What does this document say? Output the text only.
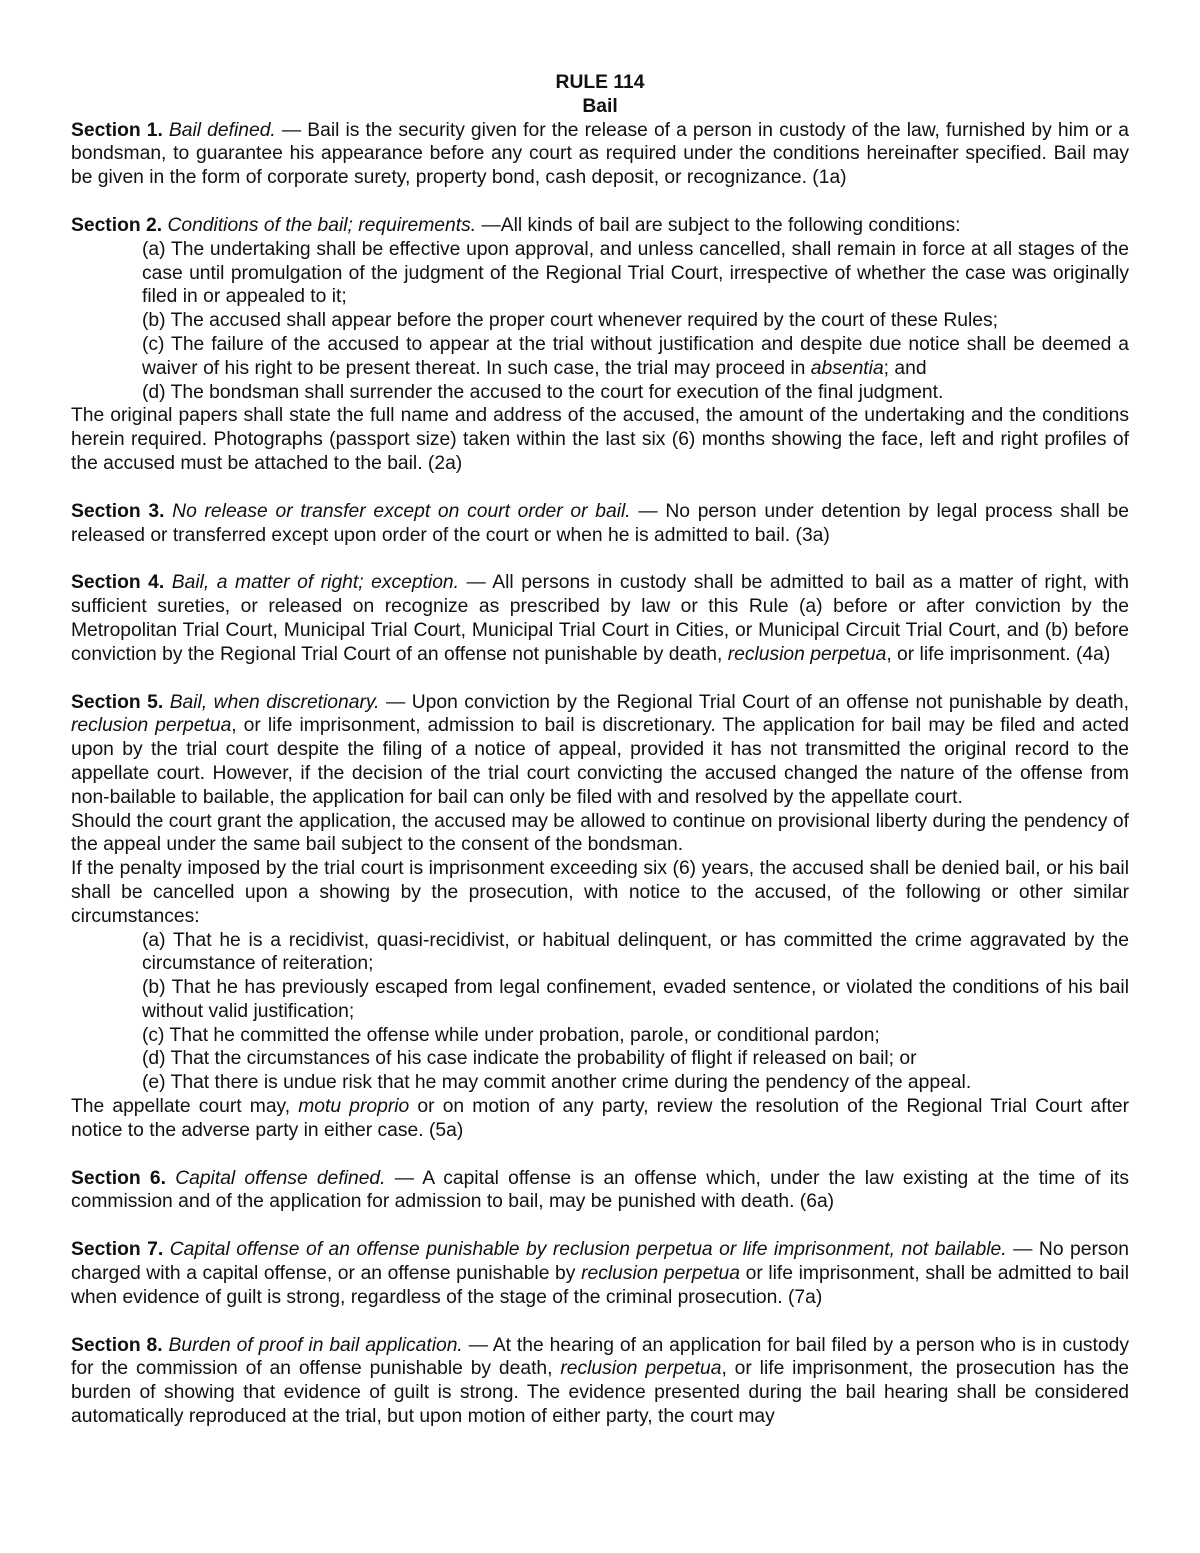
RULE 114
Bail

Section 1. Bail defined. — Bail is the security given for the release of a person in custody of the law, furnished by him or a bondsman, to guarantee his appearance before any court as required under the conditions hereinafter specified. Bail may be given in the form of corporate surety, property bond, cash deposit, or recognizance. (1a)

Section 2. Conditions of the bail; requirements. —All kinds of bail are subject to the following conditions:

(a) The undertaking shall be effective upon approval, and unless cancelled, shall remain in force at all stages of the case until promulgation of the judgment of the Regional Trial Court, irrespective of whether the case was originally filed in or appealed to it;

(b) The accused shall appear before the proper court whenever required by the court of these Rules;

(c) The failure of the accused to appear at the trial without justification and despite due notice shall be deemed a waiver of his right to be present thereat. In such case, the trial may proceed in absentia; and

(d) The bondsman shall surrender the accused to the court for execution of the final judgment.

The original papers shall state the full name and address of the accused, the amount of the undertaking and the conditions herein required. Photographs (passport size) taken within the last six (6) months showing the face, left and right profiles of the accused must be attached to the bail. (2a)

Section 3. No release or transfer except on court order or bail. — No person under detention by legal process shall be released or transferred except upon order of the court or when he is admitted to bail. (3a)

Section 4. Bail, a matter of right; exception. — All persons in custody shall be admitted to bail as a matter of right, with sufficient sureties, or released on recognize as prescribed by law or this Rule (a) before or after conviction by the Metropolitan Trial Court, Municipal Trial Court, Municipal Trial Court in Cities, or Municipal Circuit Trial Court, and (b) before conviction by the Regional Trial Court of an offense not punishable by death, reclusion perpetua, or life imprisonment. (4a)

Section 5. Bail, when discretionary. — Upon conviction by the Regional Trial Court of an offense not punishable by death, reclusion perpetua, or life imprisonment, admission to bail is discretionary. The application for bail may be filed and acted upon by the trial court despite the filing of a notice of appeal, provided it has not transmitted the original record to the appellate court. However, if the decision of the trial court convicting the accused changed the nature of the offense from non-bailable to bailable, the application for bail can only be filed with and resolved by the appellate court.

Should the court grant the application, the accused may be allowed to continue on provisional liberty during the pendency of the appeal under the same bail subject to the consent of the bondsman.

If the penalty imposed by the trial court is imprisonment exceeding six (6) years, the accused shall be denied bail, or his bail shall be cancelled upon a showing by the prosecution, with notice to the accused, of the following or other similar circumstances:

(a) That he is a recidivist, quasi-recidivist, or habitual delinquent, or has committed the crime aggravated by the circumstance of reiteration;

(b) That he has previously escaped from legal confinement, evaded sentence, or violated the conditions of his bail without valid justification;

(c) That he committed the offense while under probation, parole, or conditional pardon;

(d) That the circumstances of his case indicate the probability of flight if released on bail; or

(e) That there is undue risk that he may commit another crime during the pendency of the appeal.

The appellate court may, motu proprio or on motion of any party, review the resolution of the Regional Trial Court after notice to the adverse party in either case. (5a)

Section 6. Capital offense defined. — A capital offense is an offense which, under the law existing at the time of its commission and of the application for admission to bail, may be punished with death. (6a)

Section 7. Capital offense of an offense punishable by reclusion perpetua or life imprisonment, not bailable. — No person charged with a capital offense, or an offense punishable by reclusion perpetua or life imprisonment, shall be admitted to bail when evidence of guilt is strong, regardless of the stage of the criminal prosecution. (7a)

Section 8. Burden of proof in bail application. — At the hearing of an application for bail filed by a person who is in custody for the commission of an offense punishable by death, reclusion perpetua, or life imprisonment, the prosecution has the burden of showing that evidence of guilt is strong. The evidence presented during the bail hearing shall be considered automatically reproduced at the trial, but upon motion of either party, the court may
